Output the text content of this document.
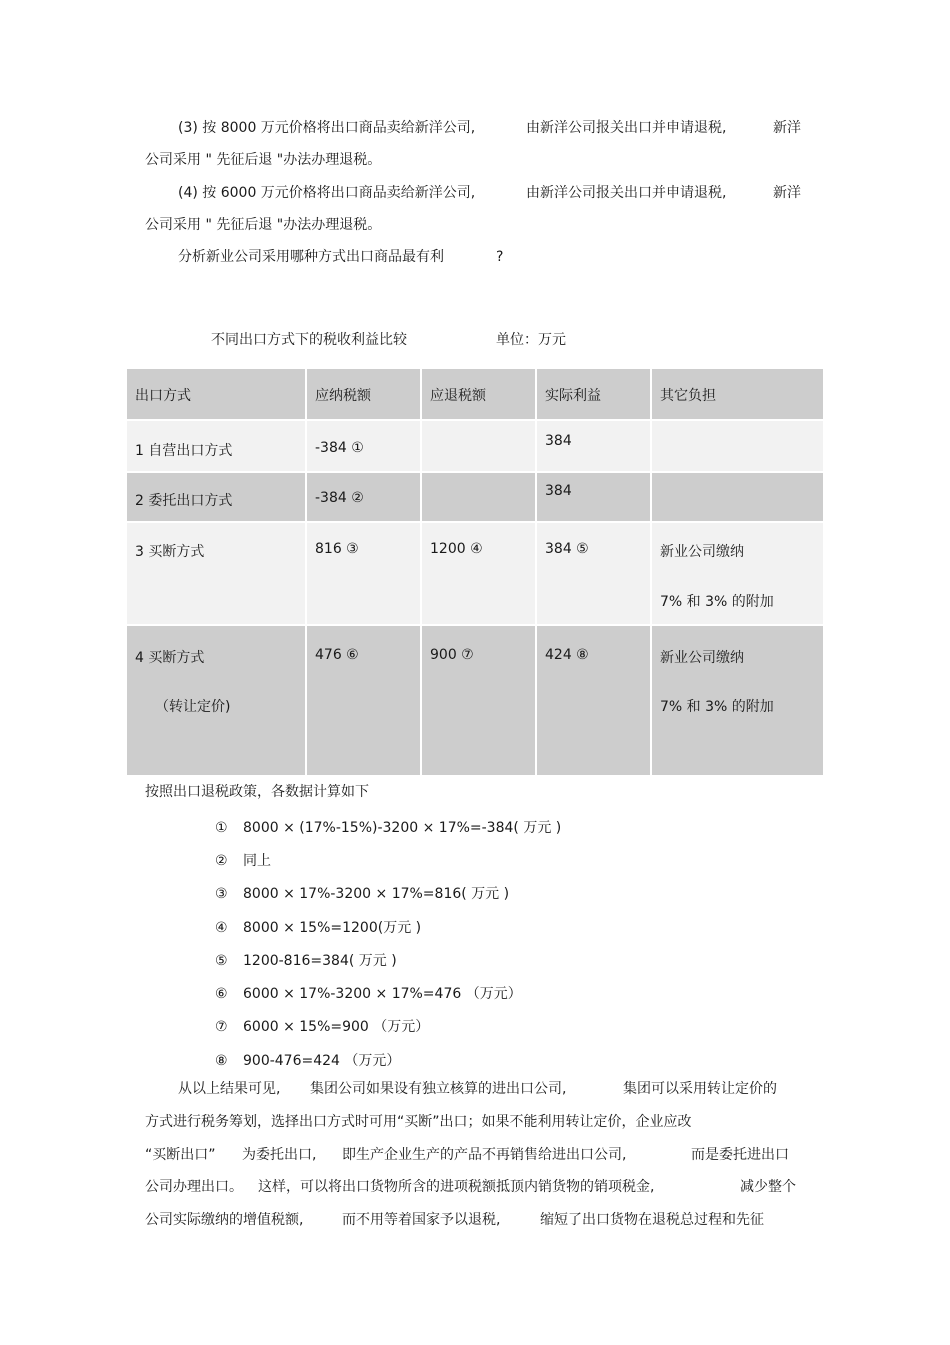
(3) 按 8000 万元价格将出口商品卖给新洋公司,	由新洋公司报关出口并申请退税,	新洋
公司采用 " 先征后退 "办法办理退税。
(4) 按 6000 万元价格将出口商品卖给新洋公司,	由新洋公司报关出口并申请退税,	新洋
公司采用 " 先征后退 "办法办理退税。
分析新业公司采用哪种方式出口商品最有利	?
不同出口方式下的税收利益比较	单位：万元
出口方式	应纳税额	应退税额	实际利益	其它负担

1 自营出口方式	-384 ①		384	

2 委托出口方式	-384 ②		384	

3 买断方式	816 ③	1200 ④	384 ⑤	新业公司缴纳
7% 和 3% 的附加

4 买断方式
（转让定价)	476 ⑥	900 ⑦	424 ⑧	新业公司缴纳
7% 和 3% 的附加
按照出口退税政策，各数据计算如下
① 8000 × (17%-15%)-3200 × 17%=-384( 万元 )
② 同上
③ 8000 × 17%-3200 × 17%=816( 万元 )
④ 8000 × 15%=1200(万元 )
⑤ 1200-816=384( 万元 )
⑥ 6000 × 17%-3200 × 17%=476 （万元）
⑦ 6000 × 15%=900 （万元）
⑧ 900-476=424 （万元）
从以上结果可见, 集团公司如果设有独立核算的进出口公司,	集团可以采用转让定价的
方式进行税务筹划，选择出口方式时可用“买断”出口；如果不能利用转让定价，企业应改
“买断出口” 为委托出口, 即生产企业生产的产品不再销售给进出口公司,	而是委托进出口
公司办理出口。 这样，可以将出口货物所含的进项税额抵顶内销货物的销项税金,	减少整个
公司实际缴纳的增值税额,	而不用等着国家予以退税,	缩短了出口货物在退税总过程和先征
